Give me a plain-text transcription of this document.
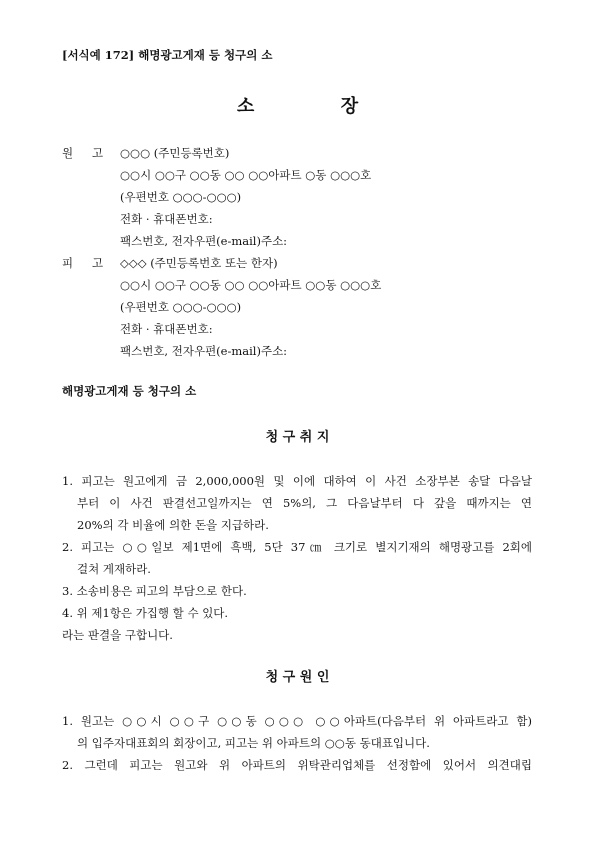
[서식예 172] 해명광고게재 등 청구의 소
소	장
원 고 ○○○ (주민등록번호)
○○시 ○○구 ○○동 ○○ ○○아파트 ○동 ○○○호
(우편번호 ○○○-○○○)
전화 · 휴대폰번호:
팩스번호, 전자우편(e-mail)주소:
피 고 ◇◇◇ (주민등록번호 또는 한자)
○○시 ○○구 ○○동 ○○ ○○아파트 ○○동 ○○○호
(우편번호 ○○○-○○○)
전화 · 휴대폰번호:
팩스번호, 전자우편(e-mail)주소:
해명광고게재 등 청구의 소
청 구 취 지
1. 피고는 원고에게 금 2,000,000원 및 이에 대하여 이 사건 소장부본 송달 다음날
부터 이 사건 판결선고일까지는 연 5%의, 그 다음날부터 다 갚을 때까지는 연
20%의 각 비율에 의한 돈을 지급하라.
2. 피고는 ○○일보 제1면에 흑백, 5단 37㎝ 크기로 별지기재의 해명광고를 2회에
걸쳐 게재하라.
3. 소송비용은 피고의 부담으로 한다.
4. 위 제1항은 가집행 할 수 있다.
라는 판결을 구합니다.
청 구 원 인
1. 원고는 ○○시 ○○구 ○○동 ○○○ ○○아파트(다음부터 위 아파트라고 함)
의 입주자대표회의 회장이고, 피고는 위 아파트의 ○○동 동대표입니다.
2. 그런데 피고는 원고와 위 아파트의 위탁관리업체를 선정함에 있어서 의견대립
